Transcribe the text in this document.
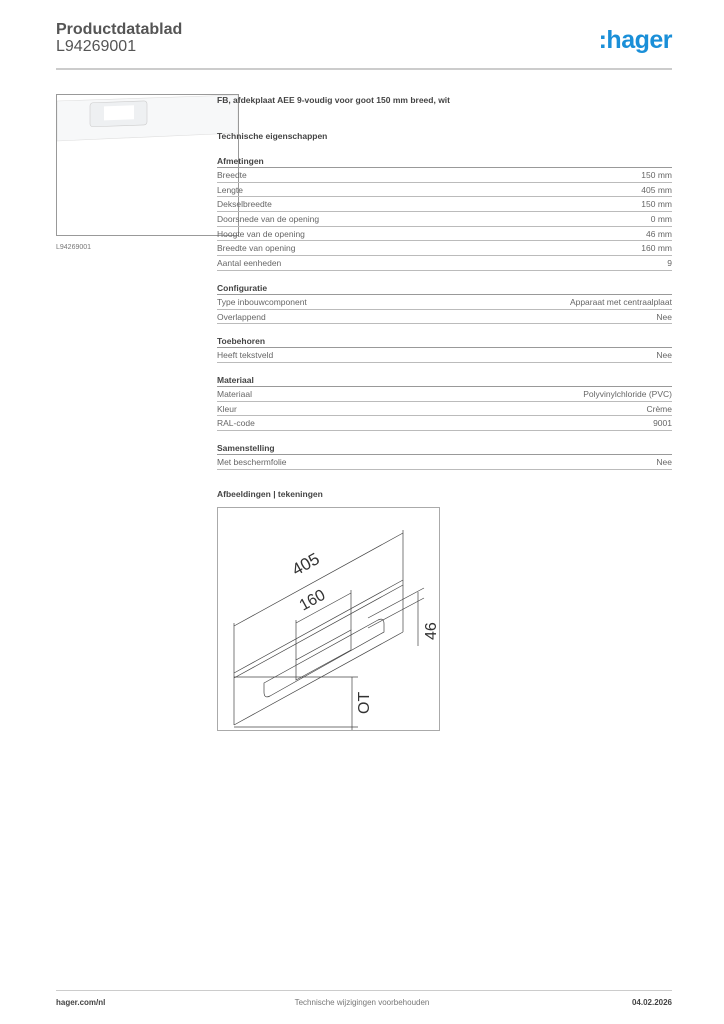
Productdatablad
L94269001	:hager
L94269001
FB, afdekplaat AEE 9-voudig voor goot 150 mm breed, wit
Technische eigenschappen
Afmetingen
Breedte	150 mm
Lengte	405 mm
Dekselbreedte	150 mm
Doorsnede van de opening	0 mm
Hoogte van de opening	46 mm
Breedte van opening	160 mm
Aantal eenheden	9
Configuratie
Type inbouwcomponent	Apparaat met centraalplaat
Overlappend	Nee
Toebehoren
Heeft tekstveld	Nee
Materiaal
Materiaal	Polyvinylchloride (PVC)
Kleur	Crème
RAL-code	9001
Samenstelling
Met beschermfolie	Nee
Afbeeldingen | tekeningen
405
160
46
OT
Technische wijzigingen voorbehouden
hager.com/nl	04.02.2026
